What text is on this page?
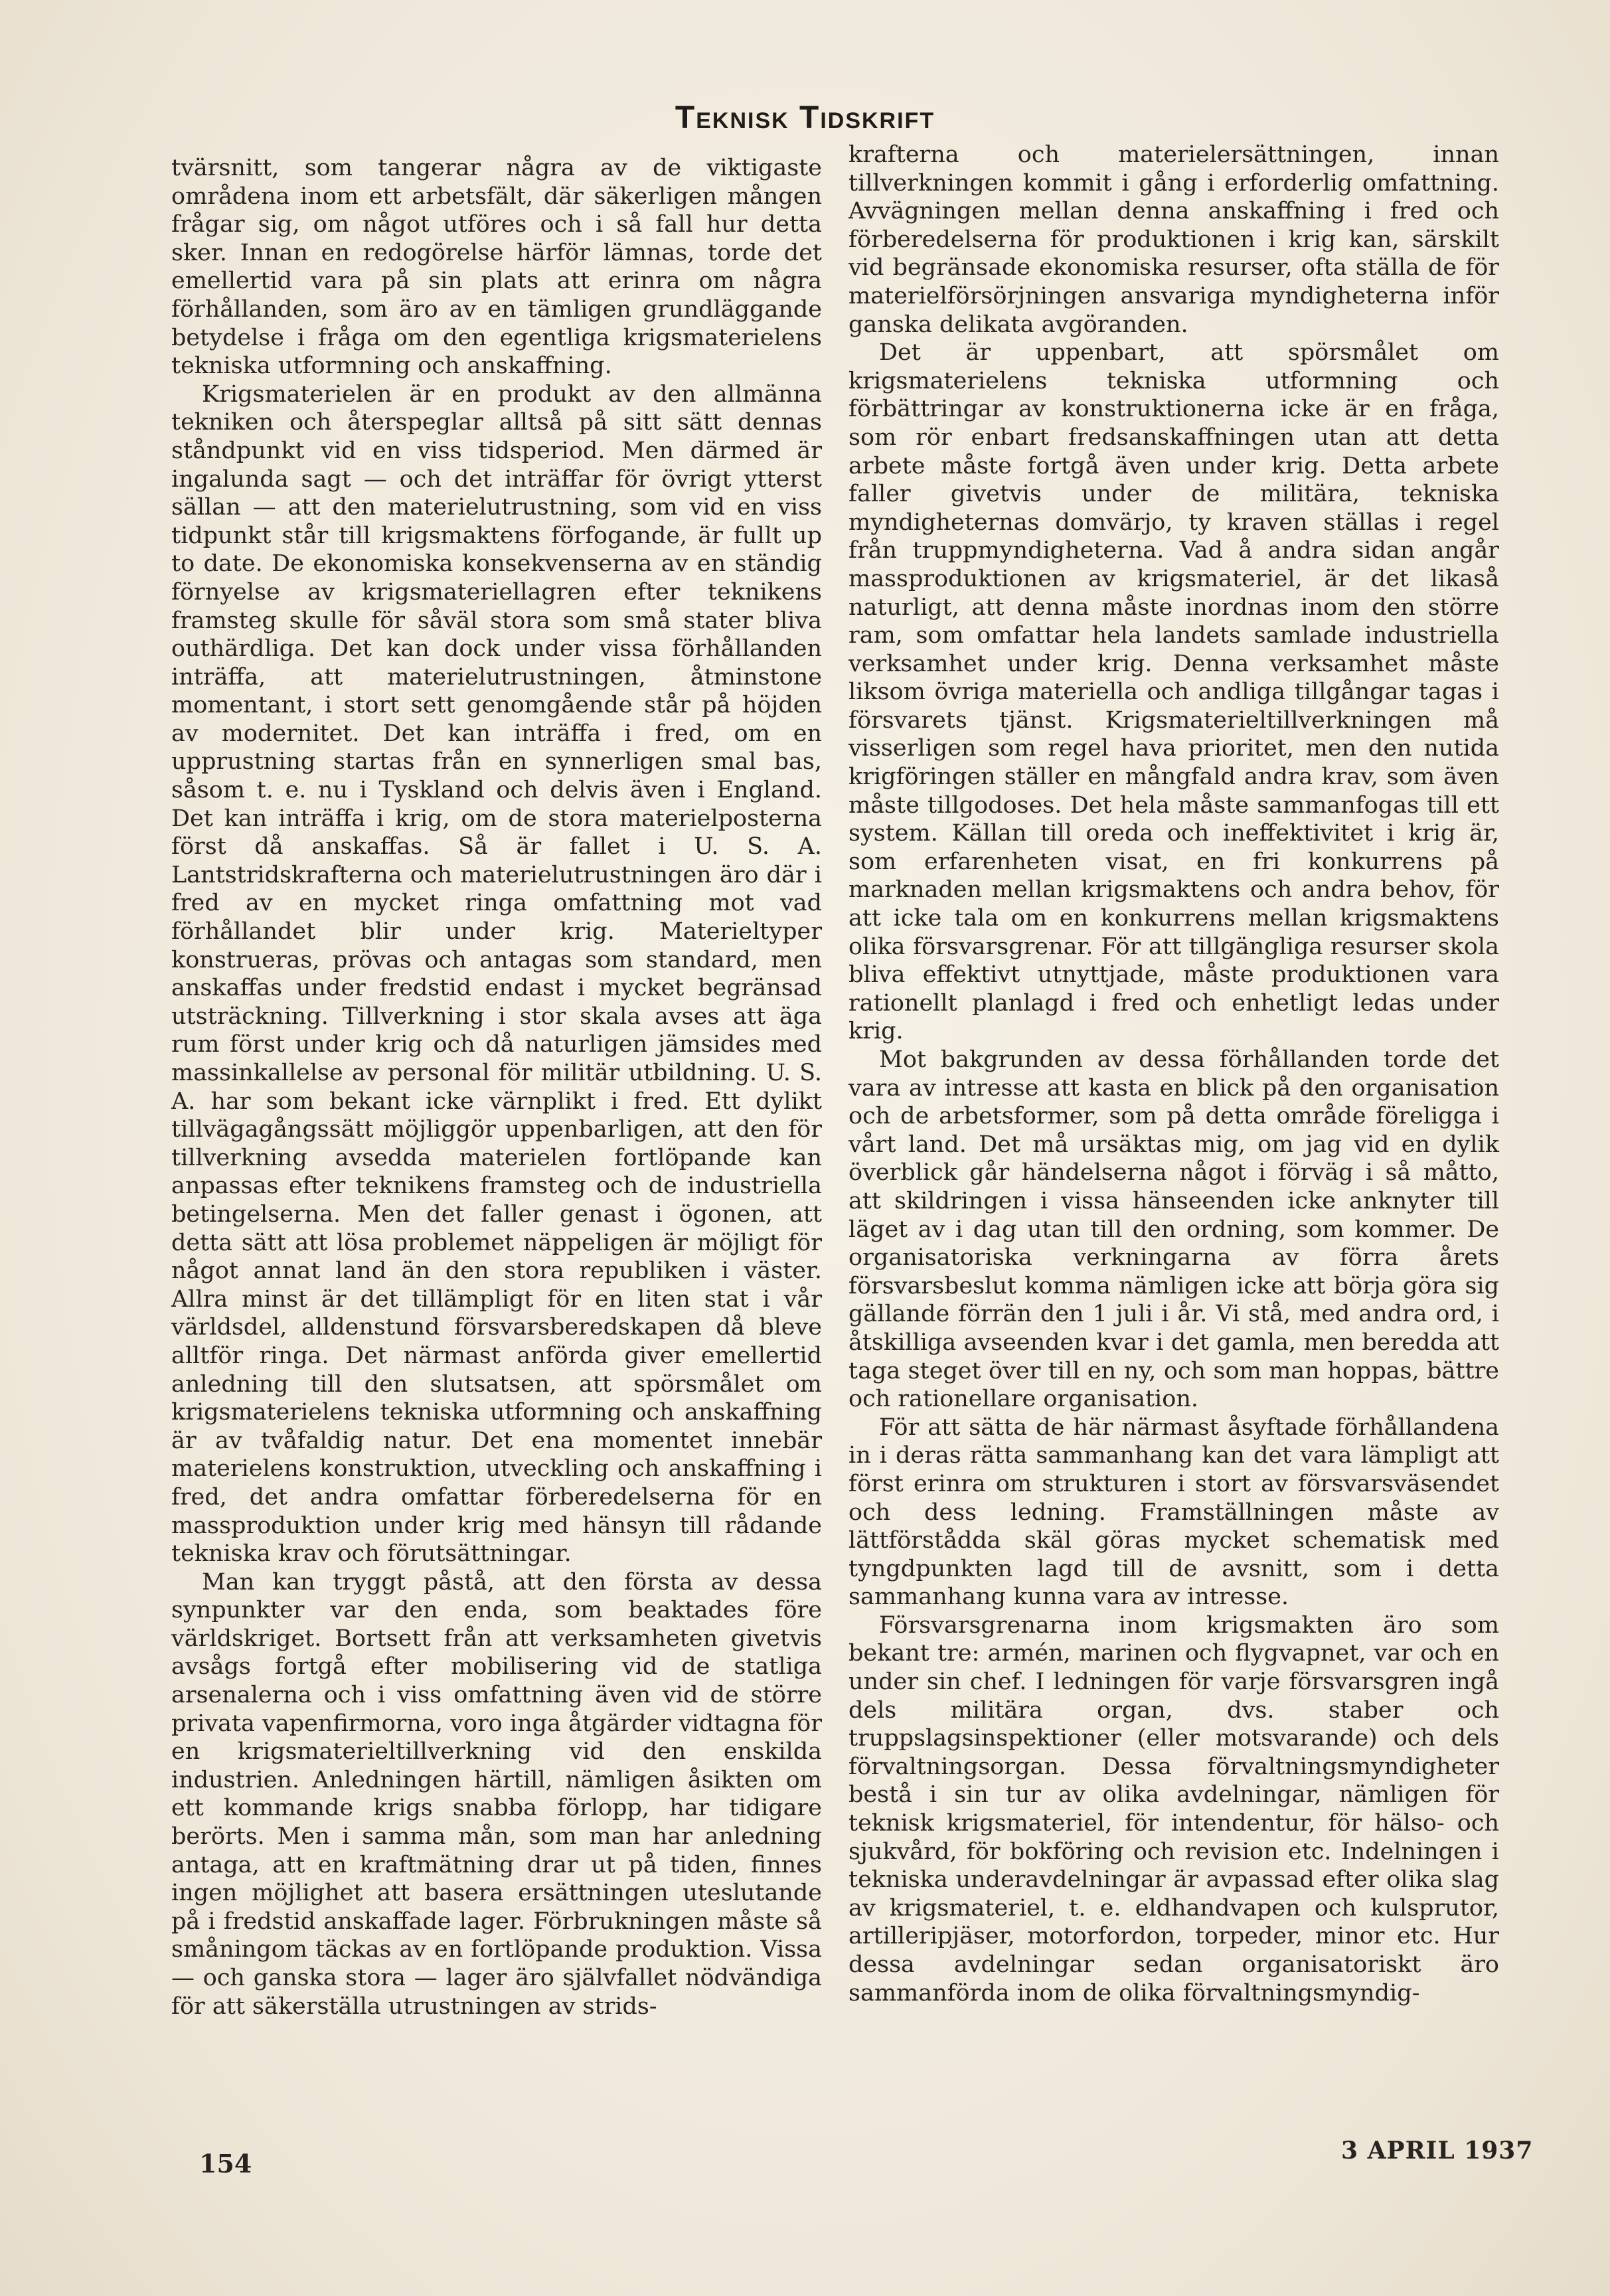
Teknisk Tidskrift

tvärsnitt, som tangerar några av de viktigaste områdena inom ett arbetsfält, där säkerligen mången frågar sig, om något utföres och i så fall hur detta sker. Innan en redogörelse härför lämnas, torde det emellertid vara på sin plats att erinra om några förhållanden, som äro av en tämligen grundläggande betydelse i fråga om den egentliga krigsmaterielens tekniska utformning och anskaffning.

Krigsmaterielen är en produkt av den allmänna tekniken och återspeglar alltså på sitt sätt dennas ståndpunkt vid en viss tidsperiod. Men därmed är ingalunda sagt — och det inträffar för övrigt ytterst sällan — att den materielutrustning, som vid en viss tidpunkt står till krigsmaktens förfogande, är fullt up to date. De ekonomiska konsekvenserna av en ständig förnyelse av krigsmateriellagren efter teknikens framsteg skulle för såväl stora som små stater bliva outhärdliga. Det kan dock under vissa förhållanden inträffa, att materielutrustningen, åtminstone momentant, i stort sett genomgående står på höjden av modernitet. Det kan inträffa i fred, om en upprustning startas från en synnerligen smal bas, såsom t. e. nu i Tyskland och delvis även i England. Det kan inträffa i krig, om de stora materielposterna först då anskaffas. Så är fallet i U. S. A. Lantstridskrafterna och materielutrustningen äro där i fred av en mycket ringa omfattning mot vad förhållandet blir under krig. Materieltyper konstrueras, prövas och antagas som standard, men anskaffas under fredstid endast i mycket begränsad utsträckning. Tillverkning i stor skala avses att äga rum först under krig och då naturligen jämsides med massinkallelse av personal för militär utbildning. U. S. A. har som bekant icke värnplikt i fred. Ett dylikt tillvägagångssätt möjliggör uppenbarligen, att den för tillverkning avsedda materielen fortlöpande kan anpassas efter teknikens framsteg och de industriella betingelserna. Men det faller genast i ögonen, att detta sätt att lösa problemet näppeligen är möjligt för något annat land än den stora republiken i väster. Allra minst är det tillämpligt för en liten stat i vår världsdel, alldenstund försvarsberedskapen då bleve alltför ringa. Det närmast anförda giver emellertid anledning till den slutsatsen, att spörsmålet om krigsmaterielens tekniska utformning och anskaffning är av tvåfaldig natur. Det ena momentet innebär materielens konstruktion, utveckling och anskaffning i fred, det andra omfattar förberedelserna för en massproduktion under krig med hänsyn till rådande tekniska krav och förutsättningar.

Man kan tryggt påstå, att den första av dessa synpunkter var den enda, som beaktades före världskriget. Bortsett från att verksamheten givetvis avsågs fortgå efter mobilisering vid de statliga arsenalerna och i viss omfattning även vid de större privata vapenfirmorna, voro inga åtgärder vidtagna för en krigsmaterieltillverkning vid den enskilda industrien. Anledningen härtill, nämligen åsikten om ett kommande krigs snabba förlopp, har tidigare berörts. Men i samma mån, som man har anledning antaga, att en kraftmätning drar ut på tiden, finnes ingen möjlighet att basera ersättningen uteslutande på i fredstid anskaffade lager. Förbrukningen måste så småningom täckas av en fortlöpande produktion. Vissa — och ganska stora — lager äro självfallet nödvändiga för att säkerställa utrustningen av strids-

krafterna och materielersättningen, innan tillverkningen kommit i gång i erforderlig omfattning. Avvägningen mellan denna anskaffning i fred och förberedelserna för produktionen i krig kan, särskilt vid begränsade ekonomiska resurser, ofta ställa de för materielförsörjningen ansvariga myndigheterna inför ganska delikata avgöranden.

Det är uppenbart, att spörsmålet om krigsmaterielens tekniska utformning och förbättringar av konstruktionerna icke är en fråga, som rör enbart fredsanskaffningen utan att detta arbete måste fortgå även under krig. Detta arbete faller givetvis under de militära, tekniska myndigheternas domvärjo, ty kraven ställas i regel från truppmyndigheterna. Vad å andra sidan angår massproduktionen av krigsmateriel, är det likaså naturligt, att denna måste inordnas inom den större ram, som omfattar hela landets samlade industriella verksamhet under krig. Denna verksamhet måste liksom övriga materiella och andliga tillgångar tagas i försvarets tjänst. Krigsmaterieltillverkningen må visserligen som regel hava prioritet, men den nutida krigföringen ställer en mångfald andra krav, som även måste tillgodoses. Det hela måste sammanfogas till ett system. Källan till oreda och ineffektivitet i krig är, som erfarenheten visat, en fri konkurrens på marknaden mellan krigsmaktens och andra behov, för att icke tala om en konkurrens mellan krigsmaktens olika försvarsgrenar. För att tillgängliga resurser skola bliva effektivt utnyttjade, måste produktionen vara rationellt planlagd i fred och enhetligt ledas under krig.

Mot bakgrunden av dessa förhållanden torde det vara av intresse att kasta en blick på den organisation och de arbetsformer, som på detta område föreligga i vårt land. Det må ursäktas mig, om jag vid en dylik överblick går händelserna något i förväg i så måtto, att skildringen i vissa hänseenden icke anknyter till läget av i dag utan till den ordning, som kommer. De organisatoriska verkningarna av förra årets försvarsbeslut komma nämligen icke att börja göra sig gällande förrän den 1 juli i år. Vi stå, med andra ord, i åtskilliga avseenden kvar i det gamla, men beredda att taga steget över till en ny, och som man hoppas, bättre och rationellare organisation.

För att sätta de här närmast åsyftade förhållandena in i deras rätta sammanhang kan det vara lämpligt att först erinra om strukturen i stort av försvarsväsendet och dess ledning. Framställningen måste av lättförstådda skäl göras mycket schematisk med tyngdpunkten lagd till de avsnitt, som i detta sammanhang kunna vara av intresse.

Försvarsgrenarna inom krigsmakten äro som bekant tre: armén, marinen och flygvapnet, var och en under sin chef. I ledningen för varje försvarsgren ingå dels militära organ, dvs. staber och truppslagsinspektioner (eller motsvarande) och dels förvaltningsorgan. Dessa förvaltningsmyndigheter bestå i sin tur av olika avdelningar, nämligen för teknisk krigsmateriel, för intendentur, för hälso- och sjukvård, för bokföring och revision etc. Indelningen i tekniska underavdelningar är avpassad efter olika slag av krigsmateriel, t. e. eldhandvapen och kulsprutor, artilleripjäser, motorfordon, torpeder, minor etc. Hur dessa avdelningar sedan organisatoriskt äro sammanförda inom de olika förvaltningsmyndig-

154	3 APRIL 1937
